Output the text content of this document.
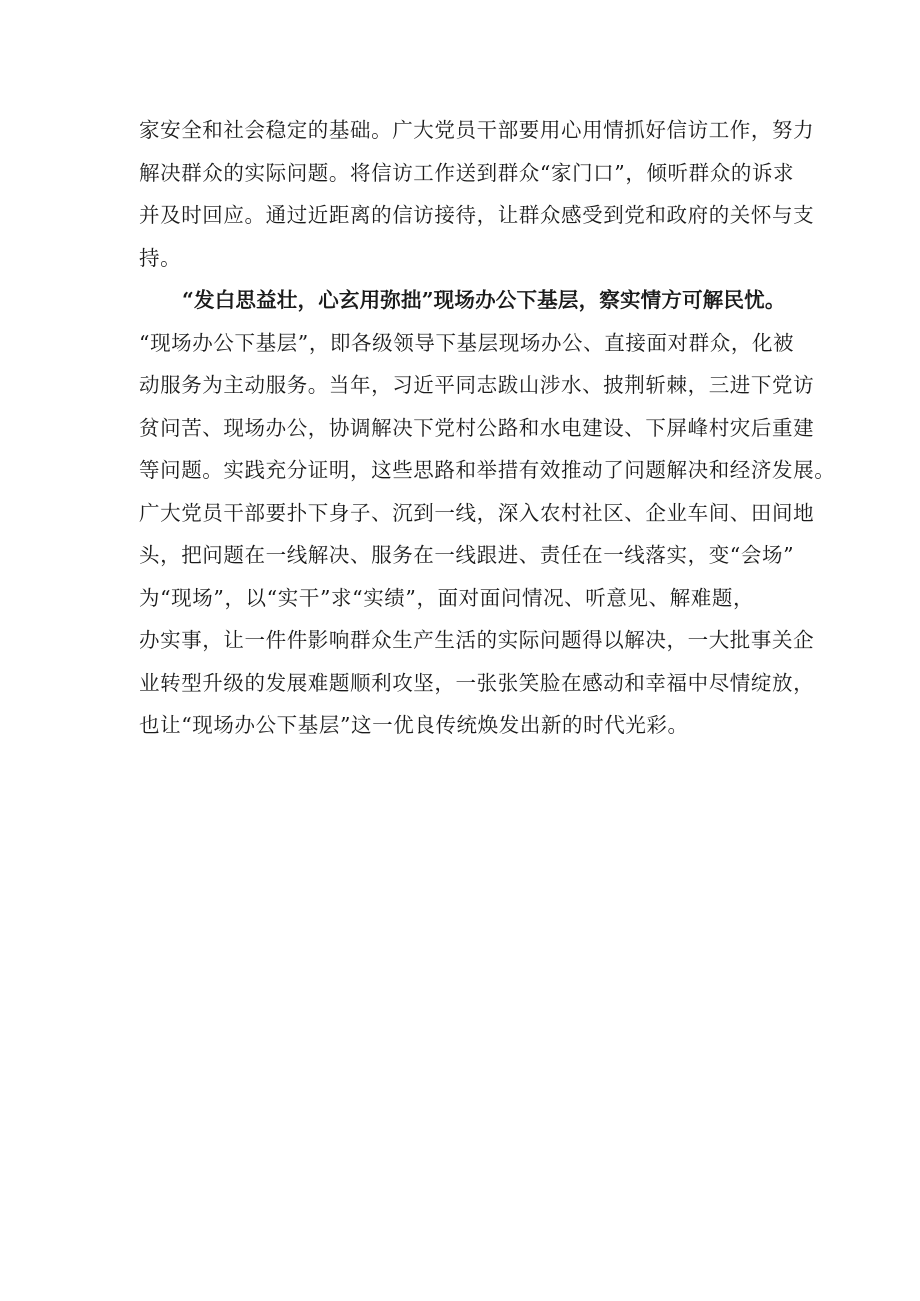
家安全和社会稳定的基础。广大党员干部要用心用情抓好信访工作，努力
解决群众的实际问题。将信访工作送到群众“家门口”，倾听群众的诉求
并及时回应。通过近距离的信访接待，让群众感受到党和政府的关怀与支
持。

“发白思益壮，心玄用弥拙”现场办公下基层，察实情方可解民忧。
“现场办公下基层”，即各级领导下基层现场办公、直接面对群众，化被
动服务为主动服务。当年，习近平同志跋山涉水、披荆斩棘，三进下党访
贫问苦、现场办公，协调解决下党村公路和水电建设、下屏峰村灾后重建
等问题。实践充分证明，这些思路和举措有效推动了问题解决和经济发展。
广大党员干部要扑下身子、沉到一线，深入农村社区、企业车间、田间地
头，把问题在一线解决、服务在一线跟进、责任在一线落实，变“会场”
为“现场”，以“实干”求“实绩”，面对面问情况、听意见、解难题，
办实事，让一件件影响群众生产生活的实际问题得以解决，一大批事关企
业转型升级的发展难题顺利攻坚，一张张笑脸在感动和幸福中尽情绽放，
也让“现场办公下基层”这一优良传统焕发出新的时代光彩。
